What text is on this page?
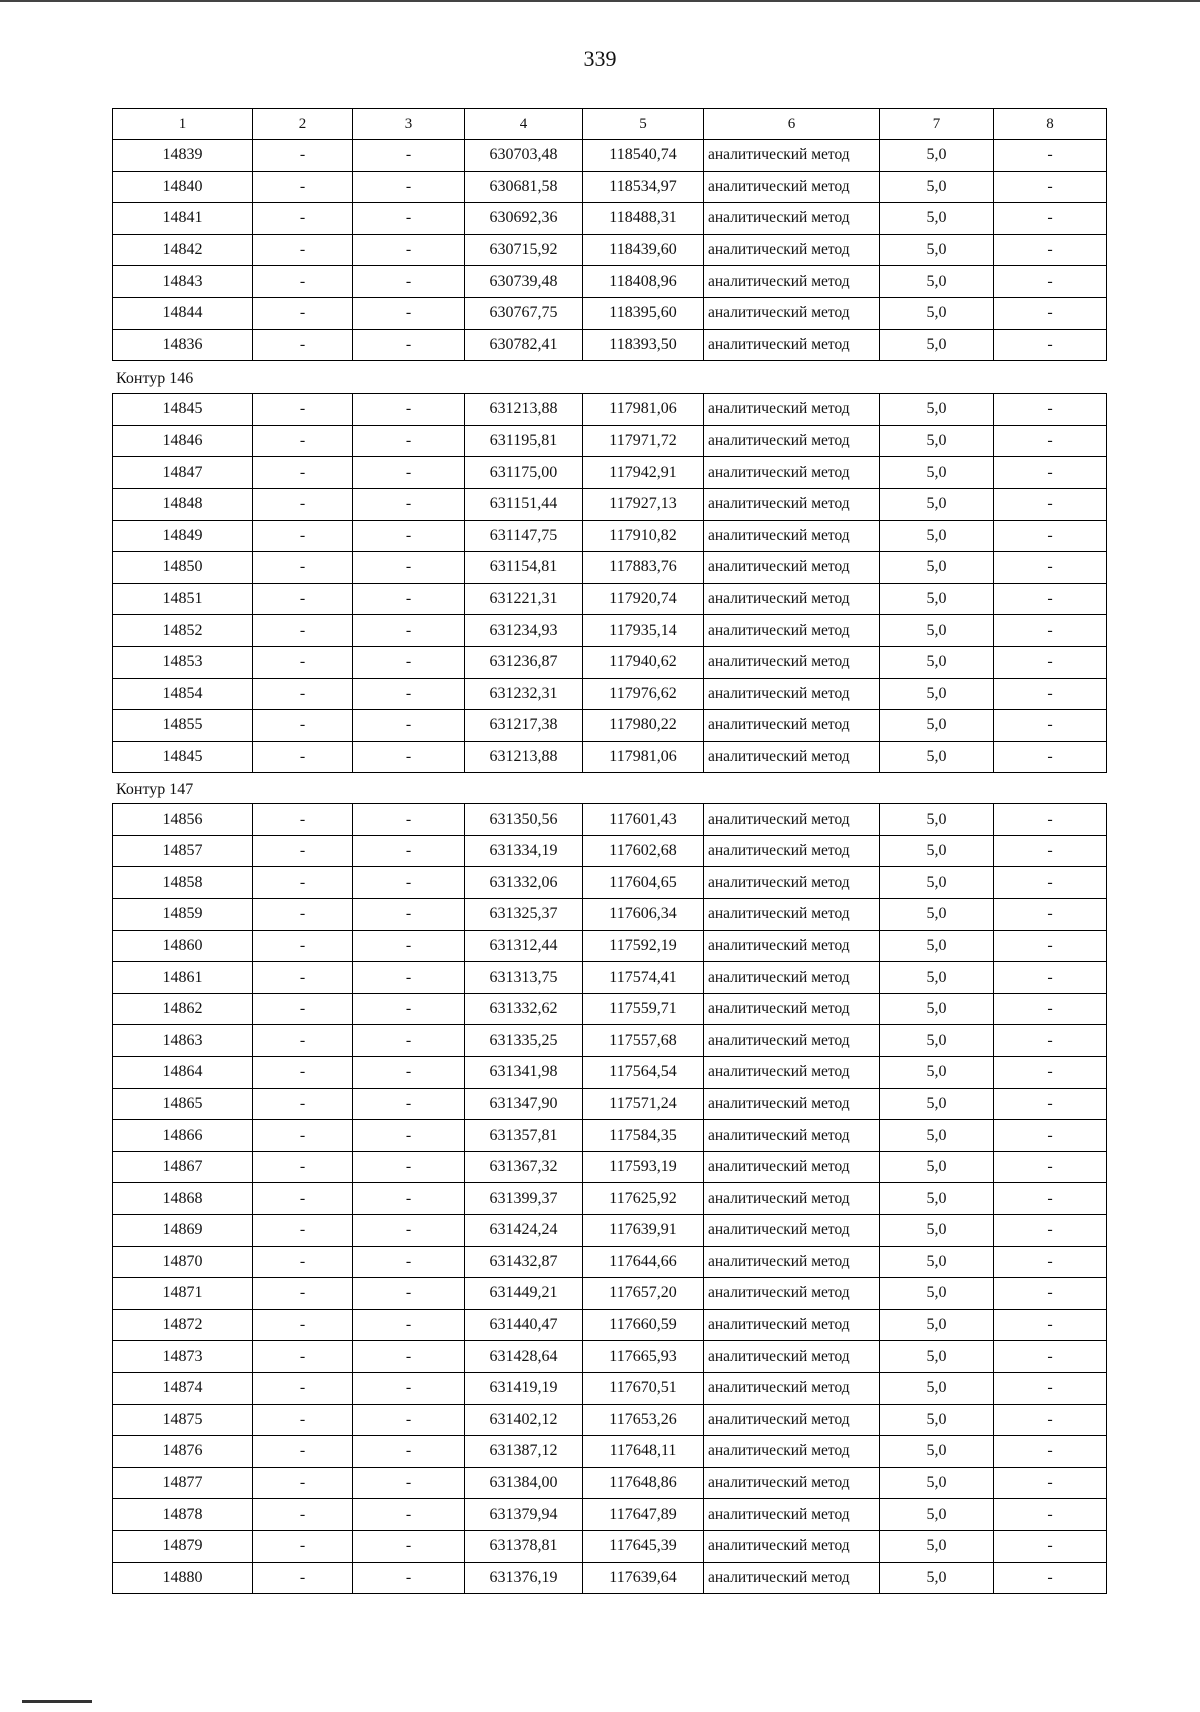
339
1	2	3	4	5	6	7	8
14839	-	-	630703,48	118540,74	аналитический метод	5,0	-
14840	-	-	630681,58	118534,97	аналитический метод	5,0	-
14841	-	-	630692,36	118488,31	аналитический метод	5,0	-
14842	-	-	630715,92	118439,60	аналитический метод	5,0	-
14843	-	-	630739,48	118408,96	аналитический метод	5,0	-
14844	-	-	630767,75	118395,60	аналитический метод	5,0	-
14836	-	-	630782,41	118393,50	аналитический метод	5,0	-
Контур 146
14845	-	-	631213,88	117981,06	аналитический метод	5,0	-
14846	-	-	631195,81	117971,72	аналитический метод	5,0	-
14847	-	-	631175,00	117942,91	аналитический метод	5,0	-
14848	-	-	631151,44	117927,13	аналитический метод	5,0	-
14849	-	-	631147,75	117910,82	аналитический метод	5,0	-
14850	-	-	631154,81	117883,76	аналитический метод	5,0	-
14851	-	-	631221,31	117920,74	аналитический метод	5,0	-
14852	-	-	631234,93	117935,14	аналитический метод	5,0	-
14853	-	-	631236,87	117940,62	аналитический метод	5,0	-
14854	-	-	631232,31	117976,62	аналитический метод	5,0	-
14855	-	-	631217,38	117980,22	аналитический метод	5,0	-
14845	-	-	631213,88	117981,06	аналитический метод	5,0	-
Контур 147
14856	-	-	631350,56	117601,43	аналитический метод	5,0	-
14857	-	-	631334,19	117602,68	аналитический метод	5,0	-
14858	-	-	631332,06	117604,65	аналитический метод	5,0	-
14859	-	-	631325,37	117606,34	аналитический метод	5,0	-
14860	-	-	631312,44	117592,19	аналитический метод	5,0	-
14861	-	-	631313,75	117574,41	аналитический метод	5,0	-
14862	-	-	631332,62	117559,71	аналитический метод	5,0	-
14863	-	-	631335,25	117557,68	аналитический метод	5,0	-
14864	-	-	631341,98	117564,54	аналитический метод	5,0	-
14865	-	-	631347,90	117571,24	аналитический метод	5,0	-
14866	-	-	631357,81	117584,35	аналитический метод	5,0	-
14867	-	-	631367,32	117593,19	аналитический метод	5,0	-
14868	-	-	631399,37	117625,92	аналитический метод	5,0	-
14869	-	-	631424,24	117639,91	аналитический метод	5,0	-
14870	-	-	631432,87	117644,66	аналитический метод	5,0	-
14871	-	-	631449,21	117657,20	аналитический метод	5,0	-
14872	-	-	631440,47	117660,59	аналитический метод	5,0	-
14873	-	-	631428,64	117665,93	аналитический метод	5,0	-
14874	-	-	631419,19	117670,51	аналитический метод	5,0	-
14875	-	-	631402,12	117653,26	аналитический метод	5,0	-
14876	-	-	631387,12	117648,11	аналитический метод	5,0	-
14877	-	-	631384,00	117648,86	аналитический метод	5,0	-
14878	-	-	631379,94	117647,89	аналитический метод	5,0	-
14879	-	-	631378,81	117645,39	аналитический метод	5,0	-
14880	-	-	631376,19	117639,64	аналитический метод	5,0	-
